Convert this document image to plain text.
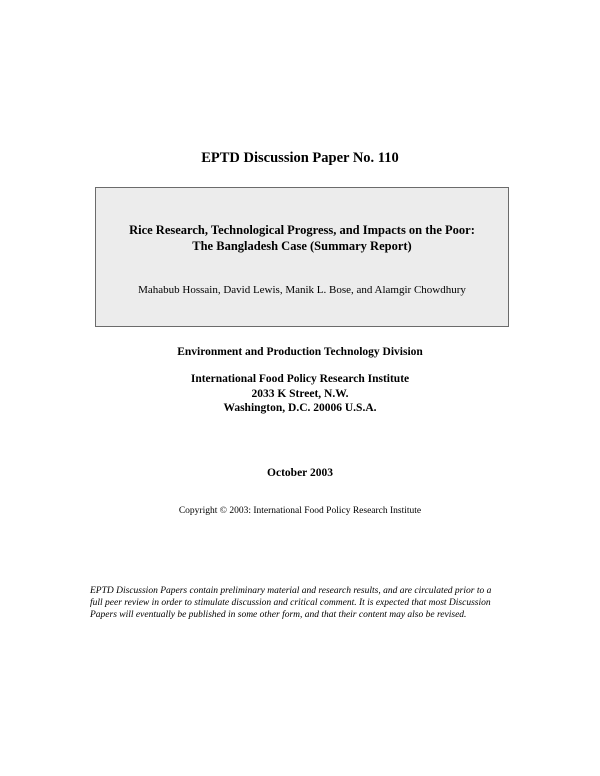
EPTD Discussion Paper No. 110
Rice Research, Technological Progress, and Impacts on the Poor:
The Bangladesh Case (Summary Report)
Mahabub Hossain, David Lewis, Manik L. Bose, and Alamgir Chowdhury
Environment and Production Technology Division
International Food Policy Research Institute
2033 K Street, N.W.
Washington, D.C. 20006 U.S.A.
October 2003
Copyright © 2003: International Food Policy Research Institute
EPTD Discussion Papers contain preliminary material and research results, and are circulated prior to a
full peer review in order to stimulate discussion and critical comment. It is expected that most Discussion
Papers will eventually be published in some other form, and that their content may also be revised.
